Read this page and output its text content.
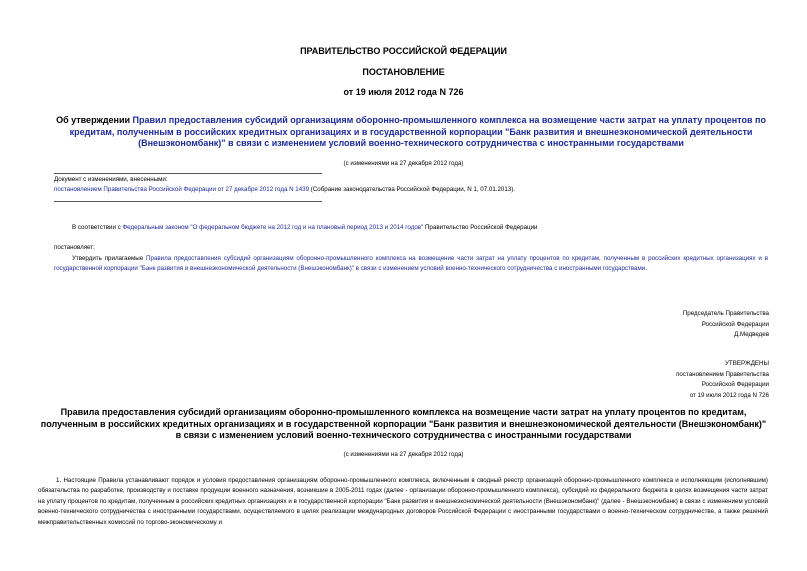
ПРАВИТЕЛЬСТВО РОССИЙСКОЙ ФЕДЕРАЦИИ
ПОСТАНОВЛЕНИЕ
от 19 июля 2012 года N 726
Об утверждении Правил предоставления субсидий организациям оборонно-промышленного комплекса на возмещение части затрат на уплату процентов по кредитам, полученным в российских кредитных организациях и в государственной корпорации "Банк развития и внешнеэкономической деятельности (Внешэкономбанк)" в связи с изменением условий военно-технического сотрудничества с иностранными государствами
(с изменениями на 27 декабря 2012 года)
Документ с изменениями, внесенными:
постановлением Правительства Российской Федерации от 27 декабря 2012 года N 1439 (Собрание законодательства Российской Федерации, N 1, 07.01.2013).
В соответствии с Федеральным законом "О федеральном бюджете на 2012 год и на плановый период 2013 и 2014 годов" Правительство Российской Федерации
постановляет:
Утвердить прилагаемые Правила предоставления субсидий организациям оборонно-промышленного комплекса на возмещение части затрат на уплату процентов по кредитам, полученным в российских кредитных организациях и в государственной корпорации "Банк развития и внешнеэкономической деятельности (Внешэкономбанк)" в связи с изменением условий военно-технического сотрудничества с иностранными государствами.
Председатель Правительства
Российской Федерации
Д.Медведев
УТВЕРЖДЕНЫ
постановлением Правительства
Российской Федерации
от 19 июля 2012 года N 726
Правила предоставления субсидий организациям оборонно-промышленного комплекса на возмещение части затрат на уплату процентов по кредитам, полученным в российских кредитных организациях и в государственной корпорации "Банк развития и внешнеэкономической деятельности (Внешэкономбанк)" в связи с изменением условий военно-технического сотрудничества с иностранными государствами
(с изменениями на 27 декабря 2012 года)
1. Настоящие Правила устанавливают порядок и условия предоставления организациям оборонно-промышленного комплекса, включенным в сводный реестр организаций оборонно-промышленного комплекса и исполняющим (исполнявшим) обязательства по разработке, производству и поставке продукции военного назначения, возникшие в 2005-2011 годах (далее - организации оборонно-промышленного комплекса), субсидий из федерального бюджета в целях возмещения части затрат на уплату процентов по кредитам, полученным в российских кредитных организациях и в государственной корпорации "Банк развития и внешнеэкономической деятельности (Внешэкономбанк)" (далее - Внешэкономбанк) в связи с изменением условий военно-технического сотрудничества с иностранными государствами, осуществляемого в целях реализации международных договоров Российской Федерации с иностранными государствами о военно-техническом сотрудничестве, а также решений межправительственных комиссий по торгово-экономическому и
